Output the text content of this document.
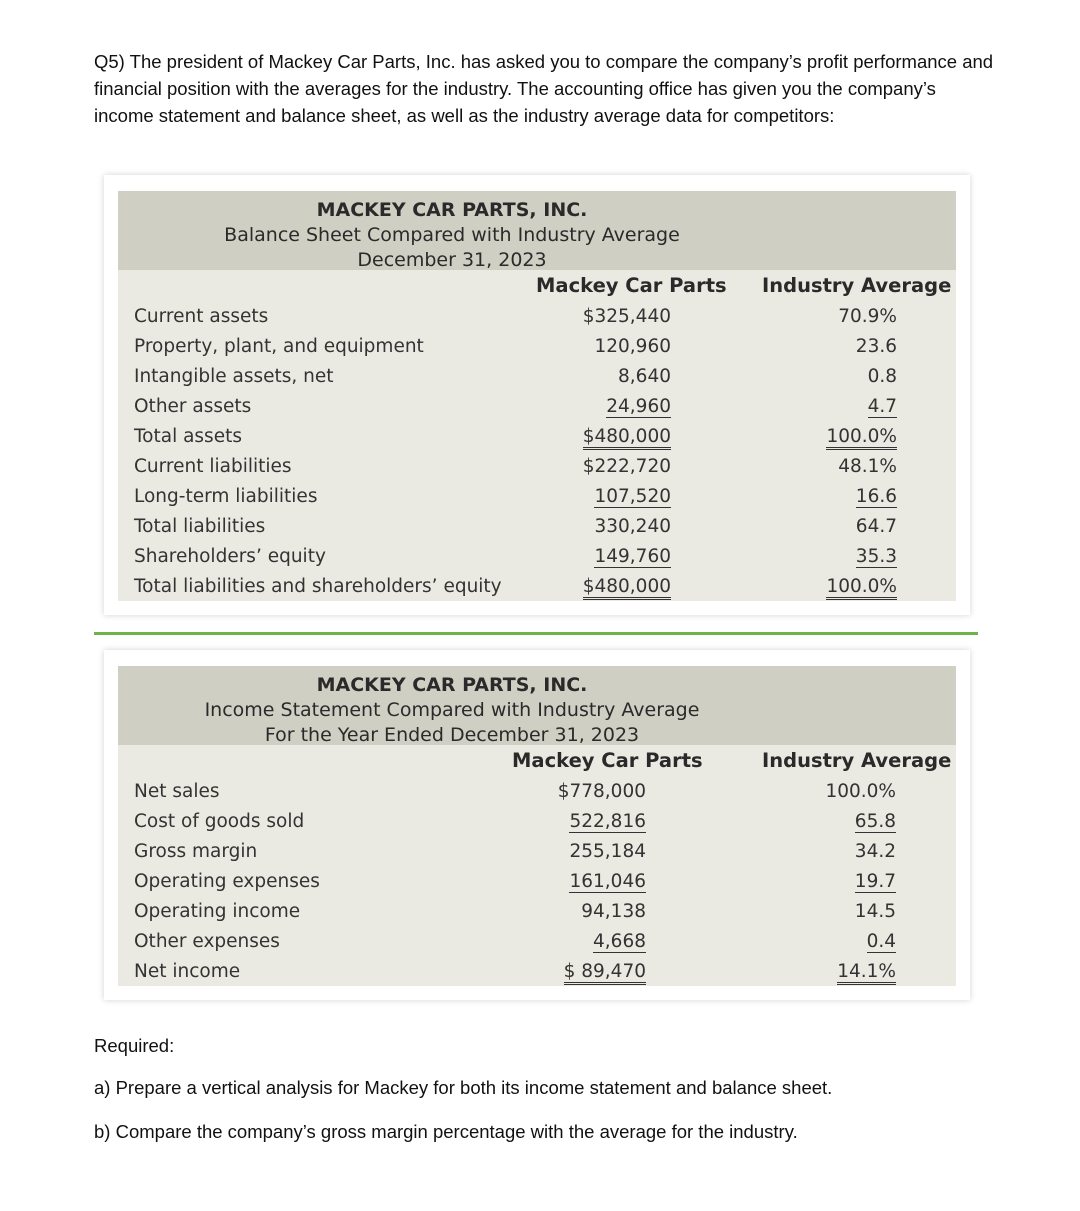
Q5) The president of Mackey Car Parts, Inc. has asked you to compare the company’s profit performance and financial position with the averages for the industry. The accounting office has given you the company’s income statement and balance sheet, as well as the industry average data for competitors:
MACKEY CAR PARTS, INC.
Balance Sheet Compared with Industry Average
December 31, 2023
Mackey Car Parts Industry Average
Current assets	$325,440	70.9%
Property, plant, and equipment	120,960	23.6
Intangible assets, net	8,640	0.8
Other assets	24,960	4.7
Total assets	$480,000	100.0%
Current liabilities	$222,720	48.1%
Long-term liabilities	107,520	16.6
Total liabilities	330,240	64.7
Shareholders’ equity	149,760	35.3
Total liabilities and shareholders’ equity	$480,000	100.0%
MACKEY CAR PARTS, INC.
Income Statement Compared with Industry Average
For the Year Ended December 31, 2023
Mackey Car Parts	Industry Average
Net sales	$778,000	100.0%
Cost of goods sold	522,816	65.8
Gross margin	255,184	34.2
Operating expenses	161,046	19.7
Operating income	94,138	14.5
Other expenses	4,668	0.4
Net income	$ 89,470	14.1%
Required:
a) Prepare a vertical analysis for Mackey for both its income statement and balance sheet.
b) Compare the company’s gross margin percentage with the average for the industry.
